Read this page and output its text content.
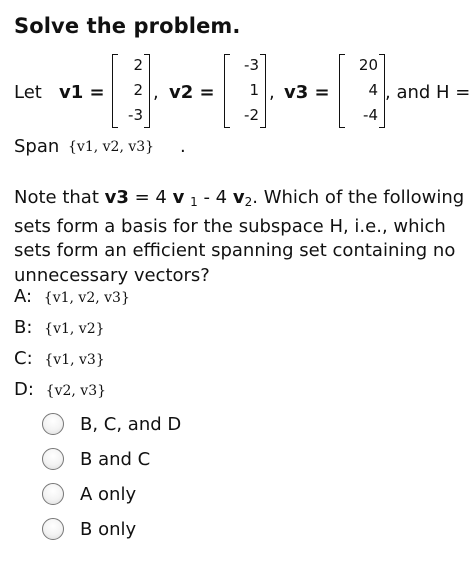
Solve the problem.
Let v1 =
2
2
-3
, v2 =
-3
1
-2
, v3 =
20
4
-4
, and H =
Span {v1, v2, v3} .
Note that v3 = 4 v $_1$ - 4 $v_2$. Which of the following sets form a basis for the subspace H, i.e., which sets form an efficient spanning set containing no unnecessary vectors?
A: {v1, v2, v3}
B: {v1, v2}
C: {v1, v3}
D: {v2, v3}
B, C, and D
B and C
A only
B only
